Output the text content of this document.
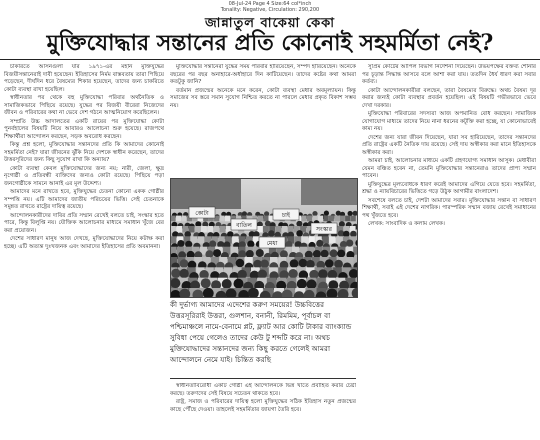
08-Jul-24 Page 4 Size:64 col*inch
Tonality: Negative, Circulation: 290,200
জান্নাতুল বাকেয়া কেকা
মুক্তিযোদ্ধার সন্তানের প্রতি কোনোই সহমর্মিতা নেই?

চাকরিতে আসনগুলা যার ১৯৭১-এর মহান মুক্তিযুদ্ধের বিজয়ীসন্তানেরাই দাবী হয়েছেন। ইতিহাসের নির্মম বাস্তবতায় তারা পিছিয়ে পড়েছেন, দীর্ঘদিন ধরে বৈষম্যের শিকার হয়েছেন, তাদের জন্য চাকরিতে কোটা ব্যবস্থা রাখা হয়েছিল।

স্বাধীনতার পর থেকে বহু মুক্তিযোদ্ধা পরিবার অর্থনৈতিক ও সামাজিকভাবে পিছিয়ে রয়েছে। যুদ্ধের পর বিজয়ী বীরেরা নিজেদের জীবন ও পরিবারের কথা না ভেবে দেশ গঠনে আত্মনিয়োগ করেছিলেন।

সম্প্রতি উচ্চ আদালতের একটি রায়ের পর মুক্তিযোদ্ধা কোটা পুনর্বহালের বিষয়টি নিয়ে আবারও আলোচনা শুরু হয়েছে। রাজপথে শিক্ষার্থীরা আন্দোলন করছেন, সড়ক অবরোধ করছেন।

কিন্তু প্রশ্ন হলো, মুক্তিযোদ্ধার সন্তানদের প্রতি কি আমাদের কোনোই সহমর্মিতা নেই? যারা জীবনের ঝুঁকি নিয়ে দেশকে স্বাধীন করেছেন, তাদের উত্তরসূরিদের জন্য কিছু সুযোগ রাখা কি অন্যায়?

কোটা ব্যবস্থা কেবল মুক্তিযোদ্ধাদের জন্য নয়; নারী, জেলা, ক্ষুদ্র নৃগোষ্ঠী ও প্রতিবন্ধী ব্যক্তিদের জন্যও কোটা রয়েছে। পিছিয়ে পড়া জনগোষ্ঠীকে সামনে আনাই এর মূল উদ্দেশ্য।

আমাদের মনে রাখতে হবে, মুক্তিযুদ্ধের চেতনা কোনো একক গোষ্ঠীর সম্পত্তি নয়। এটি আমাদের জাতীয় পরিচয়ের ভিত্তি। সেই চেতনাকে সমুন্নত রাখতে রাষ্ট্রের দায়িত্ব রয়েছে।

আন্দোলনকারীদের দাবির প্রতি সম্মান রেখেই বলতে চাই, সংস্কার হতে পারে, কিন্তু বিলুপ্তি নয়। যৌক্তিক আলোচনার মাধ্যমে সমাধান খুঁজে বের করা প্রয়োজন।

দেশের সাধারণ মানুষ আজ দেখছে, মুক্তিযোদ্ধাদের নিয়ে কটাক্ষ করা হচ্ছে। এটি অত্যন্ত দুঃখজনক এবং আমাদের ইতিহাসের প্রতি অবমাননা।

মুক্তিযোদ্ধার সন্তানেরা যুদ্ধের সময় পরিবার হারিয়েছেন, সম্পদ হারিয়েছেন। অনেকে বছরের পর বছর অনাহারে-অর্ধাহারে দিন কাটিয়েছেন। তাদের কষ্টের কথা আমরা কতটুকু জানি?

বর্তমান প্রজন্মের অনেকে মনে করেন, কোটা ব্যবস্থা মেধার অবমূল্যায়ন। কিন্তু সমাজের সব স্তরে সমান সুযোগ নিশ্চিত করতে না পারলে মেধার প্রকৃত বিকাশ সম্ভব নয়।

কোটা
বাতিল
চাই
সংস্কার
মেধা

কী দুর্ভাগ্য আমাদের এদেশের করুণ সময়ের! উচ্চবিত্তের উত্তরসূরিরাই উত্তরা, গুলশান, বনানী, রিমমিম, পূর্বাচল বা পশ্চিমাঞ্চলে নামে-বেনামে প্লট, ফ্ল্যাট আর কোটি টাকার ব্যাংক্যান্ড সুবিধা পেয়ে গেলেও তাদের কেউ টু শব্দটি করে না। অথচ মুক্তিযোদ্ধাদের সন্তানদের জন্য কিছু করতে গেলেই আমরা আন্দোলনে নেমে যাই। চিন্তিত করছি

স্বাধীনতাবিরোধী একটি গোষ্ঠী এই আন্দোলনকে ভিন্ন খাতে প্রবাহিত করার চেষ্টা করছে। তরুণদের সেই বিষয়ে সচেতন থাকতে হবে।

রাষ্ট্র, সমাজ ও পরিবারের দায়িত্ব হলো মুক্তিযুদ্ধের সঠিক ইতিহাস নতুন প্রজন্মের কাছে পৌঁছে দেওয়া। তাহলেই সহমর্মিতার জায়গা তৈরি হবে।

সুপ্রিম কোর্টের আপিল বিভাগ নির্দেশনা দিয়েছেন। উভয়পক্ষের বক্তব্য শোনার পর চূড়ান্ত সিদ্ধান্ত আসবে বলে আশা করা যায়। ততদিন ধৈর্য ধারণ করা সবার কর্তব্য।

কোটা আন্দোলনকারীরা বলছেন, তারা বৈষম্যের বিরুদ্ধে। অথচ বৈষম্য দূর করার জন্যই কোটা ব্যবস্থার প্রবর্তন হয়েছিল। এই বিষয়টি গভীরভাবে ভেবে দেখা দরকার।

মুক্তিযোদ্ধা পরিবারের সদস্যরা আজ অপমানিত বোধ করছেন। সামাজিক যোগাযোগ মাধ্যমে তাদের নিয়ে নানা ধরনের কটূক্তি করা হচ্ছে, যা কোনোভাবেই কাম্য নয়।

দেশের জন্য যারা জীবন দিয়েছেন, যারা সব হারিয়েছেন, তাদের সন্তানদের প্রতি রাষ্ট্রের একটি নৈতিক দায় রয়েছে। সেই দায় অস্বীকার করা মানে ইতিহাসকে অস্বীকার করা।

আমরা চাই, আলোচনার মাধ্যমে একটি গ্রহণযোগ্য সমাধান আসুক। মেধাবীরা যেমন বঞ্চিত হবেন না, তেমনি মুক্তিযোদ্ধার সন্তানেরাও তাদের প্রাপ্য সম্মান পাবেন।

মুক্তিযুদ্ধের মূল্যবোধকে ধারণ করেই আমাদের এগিয়ে যেতে হবে। সহমর্মিতা, শ্রদ্ধা ও ন্যায়বিচারের ভিত্তিতে গড়ে উঠুক আগামীর বাংলাদেশ।

সবশেষে বলতে চাই, দেশটা আমাদের সবার। মুক্তিযোদ্ধার সন্তান বা সাধারণ শিক্ষার্থী, সবাই এই দেশের নাগরিক। পারস্পরিক সম্মান বজায় রেখেই সমাধানের পথ খুঁজতে হবে।

লেখক: সাংবাদিক ও কলাম লেখক।
